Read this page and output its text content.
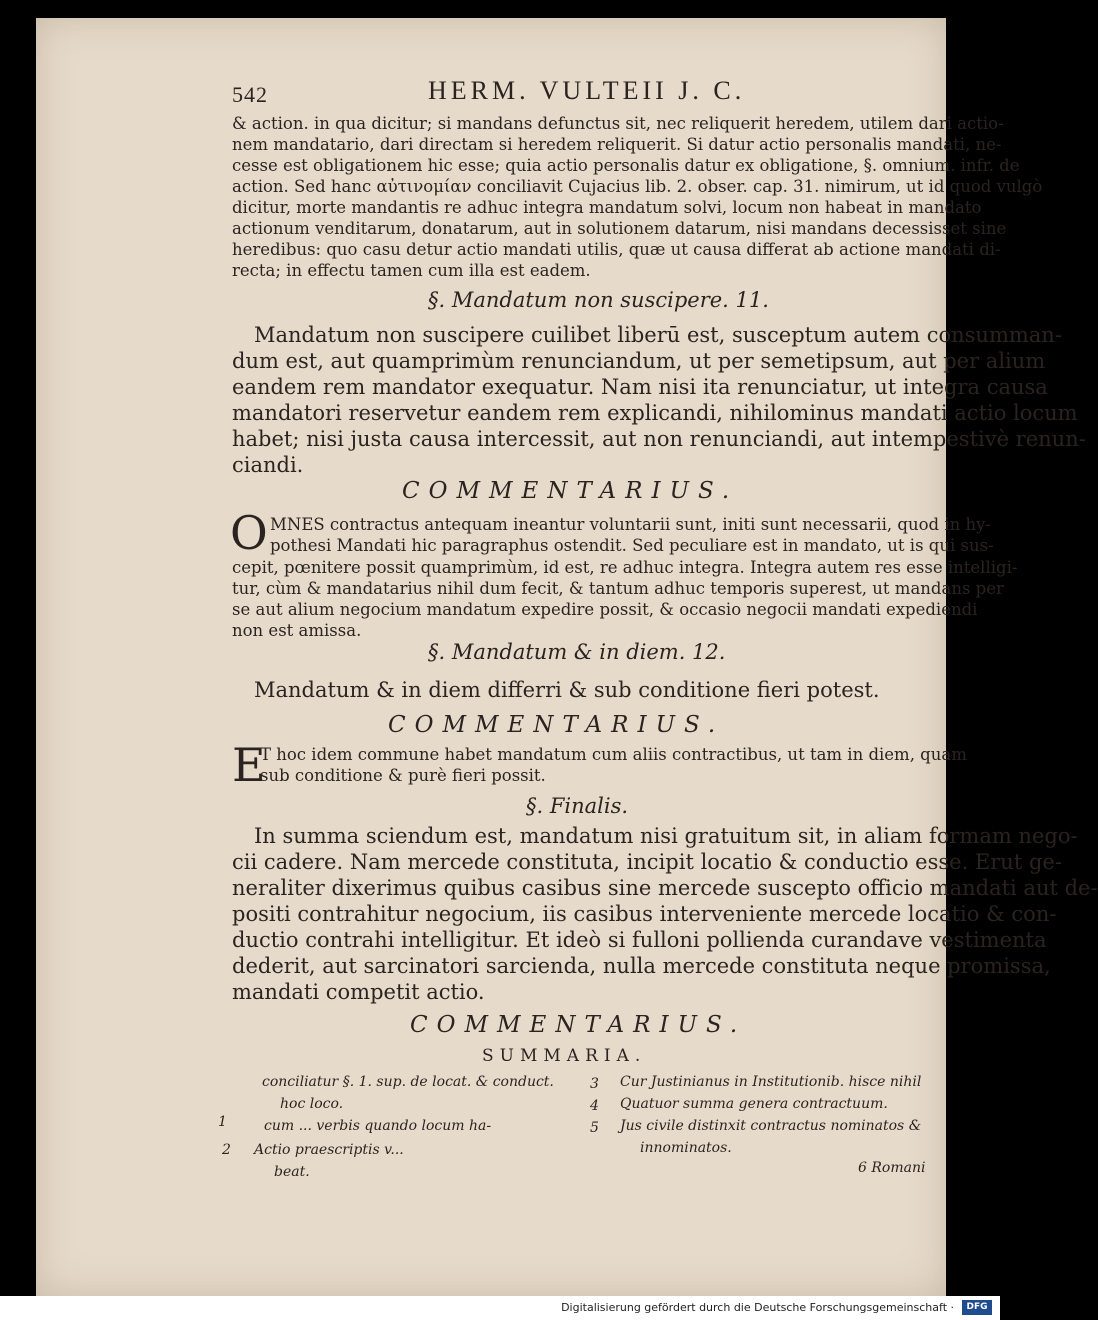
542	HERM. VULTEII J. C.
& action. in qua dicitur; si mandans defunctus sit, nec reliquerit heredem, utilem dari actio-
nem mandatario, dari directam si heredem reliquerit. Si datur actio personalis mandati, ne-
cesse est obligationem hic esse; quia actio personalis datur ex obligatione, §. omnium. infr. de
action. Sed hanc αὐτινομίαν conciliavit Cujacius lib. 2. obser. cap. 31. nimirum, ut id quod vulgò
dicitur, morte mandantis re adhuc integra mandatum solvi, locum non habeat in mandato
actionum venditarum, donatarum, aut in solutionem datarum, nisi mandans decessisset sine
heredibus: quo casu detur actio mandati utilis, quæ ut causa differat ab actione mandati di-
recta; in effectu tamen cum illa est eadem.
§. Mandatum non suscipere. 11.
Mandatum non suscipere cuilibet liberū est, susceptum autem consumman-
dum est, aut quamprimùm renunciandum, ut per semetipsum, aut per alium
eandem rem mandator exequatur. Nam nisi ita renunciatur, ut integra causa
mandatori reservetur eandem rem explicandi, nihilominus mandati actio locum
habet; nisi justa causa intercessit, aut non renunciandi, aut intempestivè renun-
ciandi.
COMMENTARIUS.
O MNES contractus antequam ineantur voluntarii sunt, initi sunt necessarii, quod in hy-
pothesi Mandati hic paragraphus ostendit. Sed peculiare est in mandato, ut is qui sus-
cepit, pœnitere possit quamprimùm, id est, re adhuc integra. Integra autem res esse intelligi-
tur, cùm & mandatarius nihil dum fecit, & tantum adhuc temporis superest, ut mandans per
se aut alium negocium mandatum expedire possit, & occasio negocii mandati expediendi
non est amissa.
§. Mandatum & in diem. 12.
Mandatum & in diem differri & sub conditione fieri potest.
COMMENTARIUS.
E
T hoc idem commune habet mandatum cum aliis contractibus, ut tam in diem, quam
sub conditione & purè fieri possit.
§. Finalis.
In summa sciendum est, mandatum nisi gratuitum sit, in aliam formam nego-
cii cadere. Nam mercede constituta, incipit locatio & conductio esse. Erut ge-
neraliter dixerimus quibus casibus sine mercede suscepto officio mandati aut de-
positi contrahitur negocium, iis casibus interveniente mercede locatio & con-
ductio contrahi intelligitur. Et ideò si fulloni pollienda curandave vestimenta
dederit, aut sarcinatori sarcienda, nulla mercede constituta neque promissa,
mandati competit actio.
COMMENTARIUS.
SUMMARIA.
conciliatur §. 1. sup. de locat. & conduct.
hoc loco.
cum ... verbis quando locum ha-
2 Actio praescriptis v...
beat.
1
3 Cur Justinianus in Institutionib. hisce nihil
4 Quatuor summa genera contractuum.
5 Jus civile distinxit contractus nominatos &
innominatos.
6 Romani
Digitalisierung gefördert durch die Deutsche Forschungsgemeinschaft ·	DFG
